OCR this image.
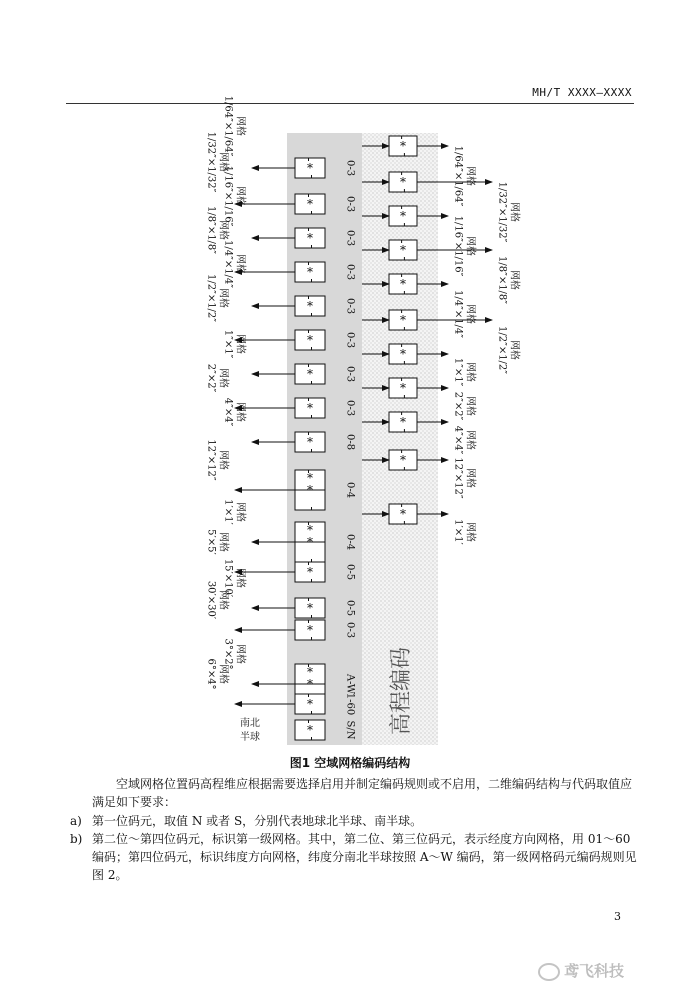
MH/T XXXX—XXXX
*	0-3
1/64″×1/64″ 网格
*	0-3
1/32″×1/32″ 网格
*	0-3
1/16″×1/16″ 网格
*	0-3
1/8″×1/8″ 网格
*	0-3
1/4″×1/4″ 网格
*	0-3
1/2″×1/2″ 网格
*	0-3
1″×1″ 网格
*	0-3
2″×2″ 网格
*	0-8
4″×4″ 网格
*
*
0-4
12″×12″ 网格
*
*
0-4
1′×1′ 网格
*	0-5
5′×5′ 网格
*	0-5
15′×10′ 网格
*	0-3
30′×30′ 网格
*
*
A-W
3°×2° 网格
*	1-60
6°×4° 网格
*	S/N
*	1/64″×1/64″ 网格
*	1/32″×1/32″ 网格
*	1/16″×1/16″ 网格
*
1/8″×1/8″ 网格
*
1/4″×1/4″ 网格
*
1/2″×1/2″ 网格
*
1″×1″ 网格
*
2″×2″ 网格
*
4″×4″ 网格
*	12″×12″ 网格
*
1′×1′ 网格
高程编码
南 北
半 球
图1 空域网格编码结构
空域网格位置码高程维应根据需要选择启用并制定编码规则或不启用，二维编码结构与代码取值应满足如下要求：
a) 第一位码元，取值 N 或者 S，分别代表地球北半球、南半球。
b) 第二位～第四位码元，标识第一级网格。其中，第二位、第三位码元，表示经度方向网格，用 01～60 编码；第四位码元，标识纬度方向网格，纬度分南北半球按照 A～W 编码，第一级网格码元编码规则见图 2。
3
鸢飞科技
